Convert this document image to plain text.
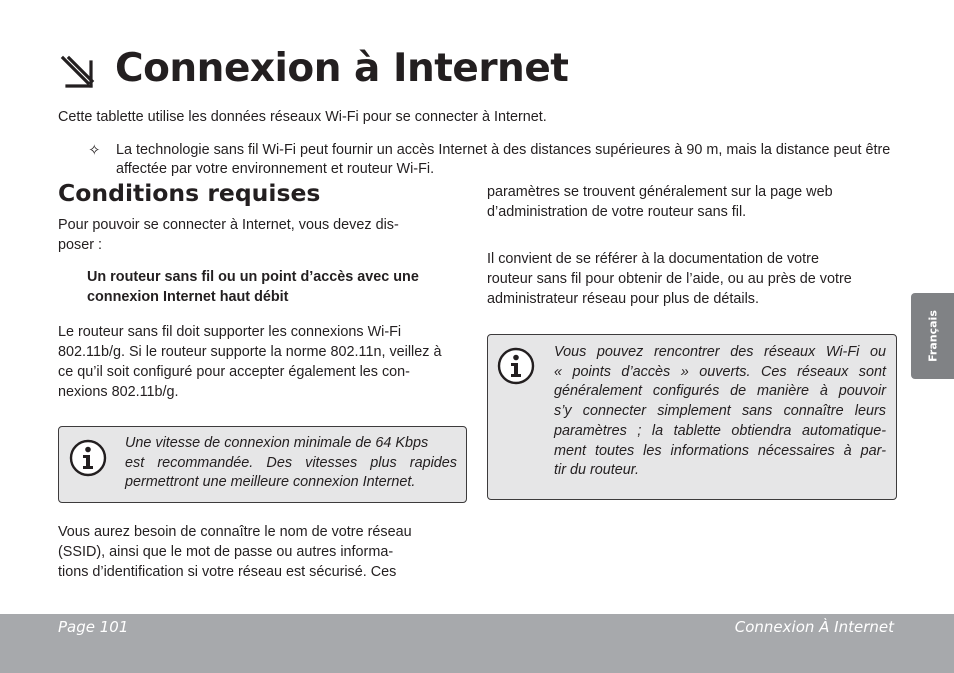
Connexion à Internet

Cette tablette utilise les données réseaux Wi-Fi pour se connecter à Internet.

✧ La technologie sans fil Wi-Fi peut fournir un accès Internet à des distances supérieures à 90 m, mais la distance peut être affectée par votre environnement et routeur Wi-Fi.

Conditions requises
Pour pouvoir se connecter à Internet, vous devez dis-
poser :
Un routeur sans fil ou un point d’accès avec une
connexion Internet haut débit
Le routeur sans fil doit supporter les connexions Wi-Fi
802.11b/g. Si le routeur supporte la norme 802.11n, veillez à
ce qu’il soit configuré pour accepter également les con-
nexions 802.11b/g.
Une vitesse de connexion minimale de 64 Kbps
est recommandée. Des vitesses plus rapides
permettront une meilleure connexion Internet.
Vous aurez besoin de connaître le nom de votre réseau
(SSID), ainsi que le mot de passe ou autres informa-
tions d’identification si votre réseau est sécurisé. Ces
paramètres se trouvent généralement sur la page web
d’administration de votre routeur sans fil.
Il convient de se référer à la documentation de votre
routeur sans fil pour obtenir de l’aide, ou au près de votre
administrateur réseau pour plus de détails.
Vous pouvez rencontrer des réseaux Wi-Fi ou
« points d’accès » ouverts. Ces réseaux sont
généralement configurés de manière à pouvoir
s’y connecter simplement sans connaître leurs
paramètres ; la tablette obtiendra automatique-
ment toutes les informations nécessaires à par-
tir du routeur.
Français
Page 101	Connexion À Internet
